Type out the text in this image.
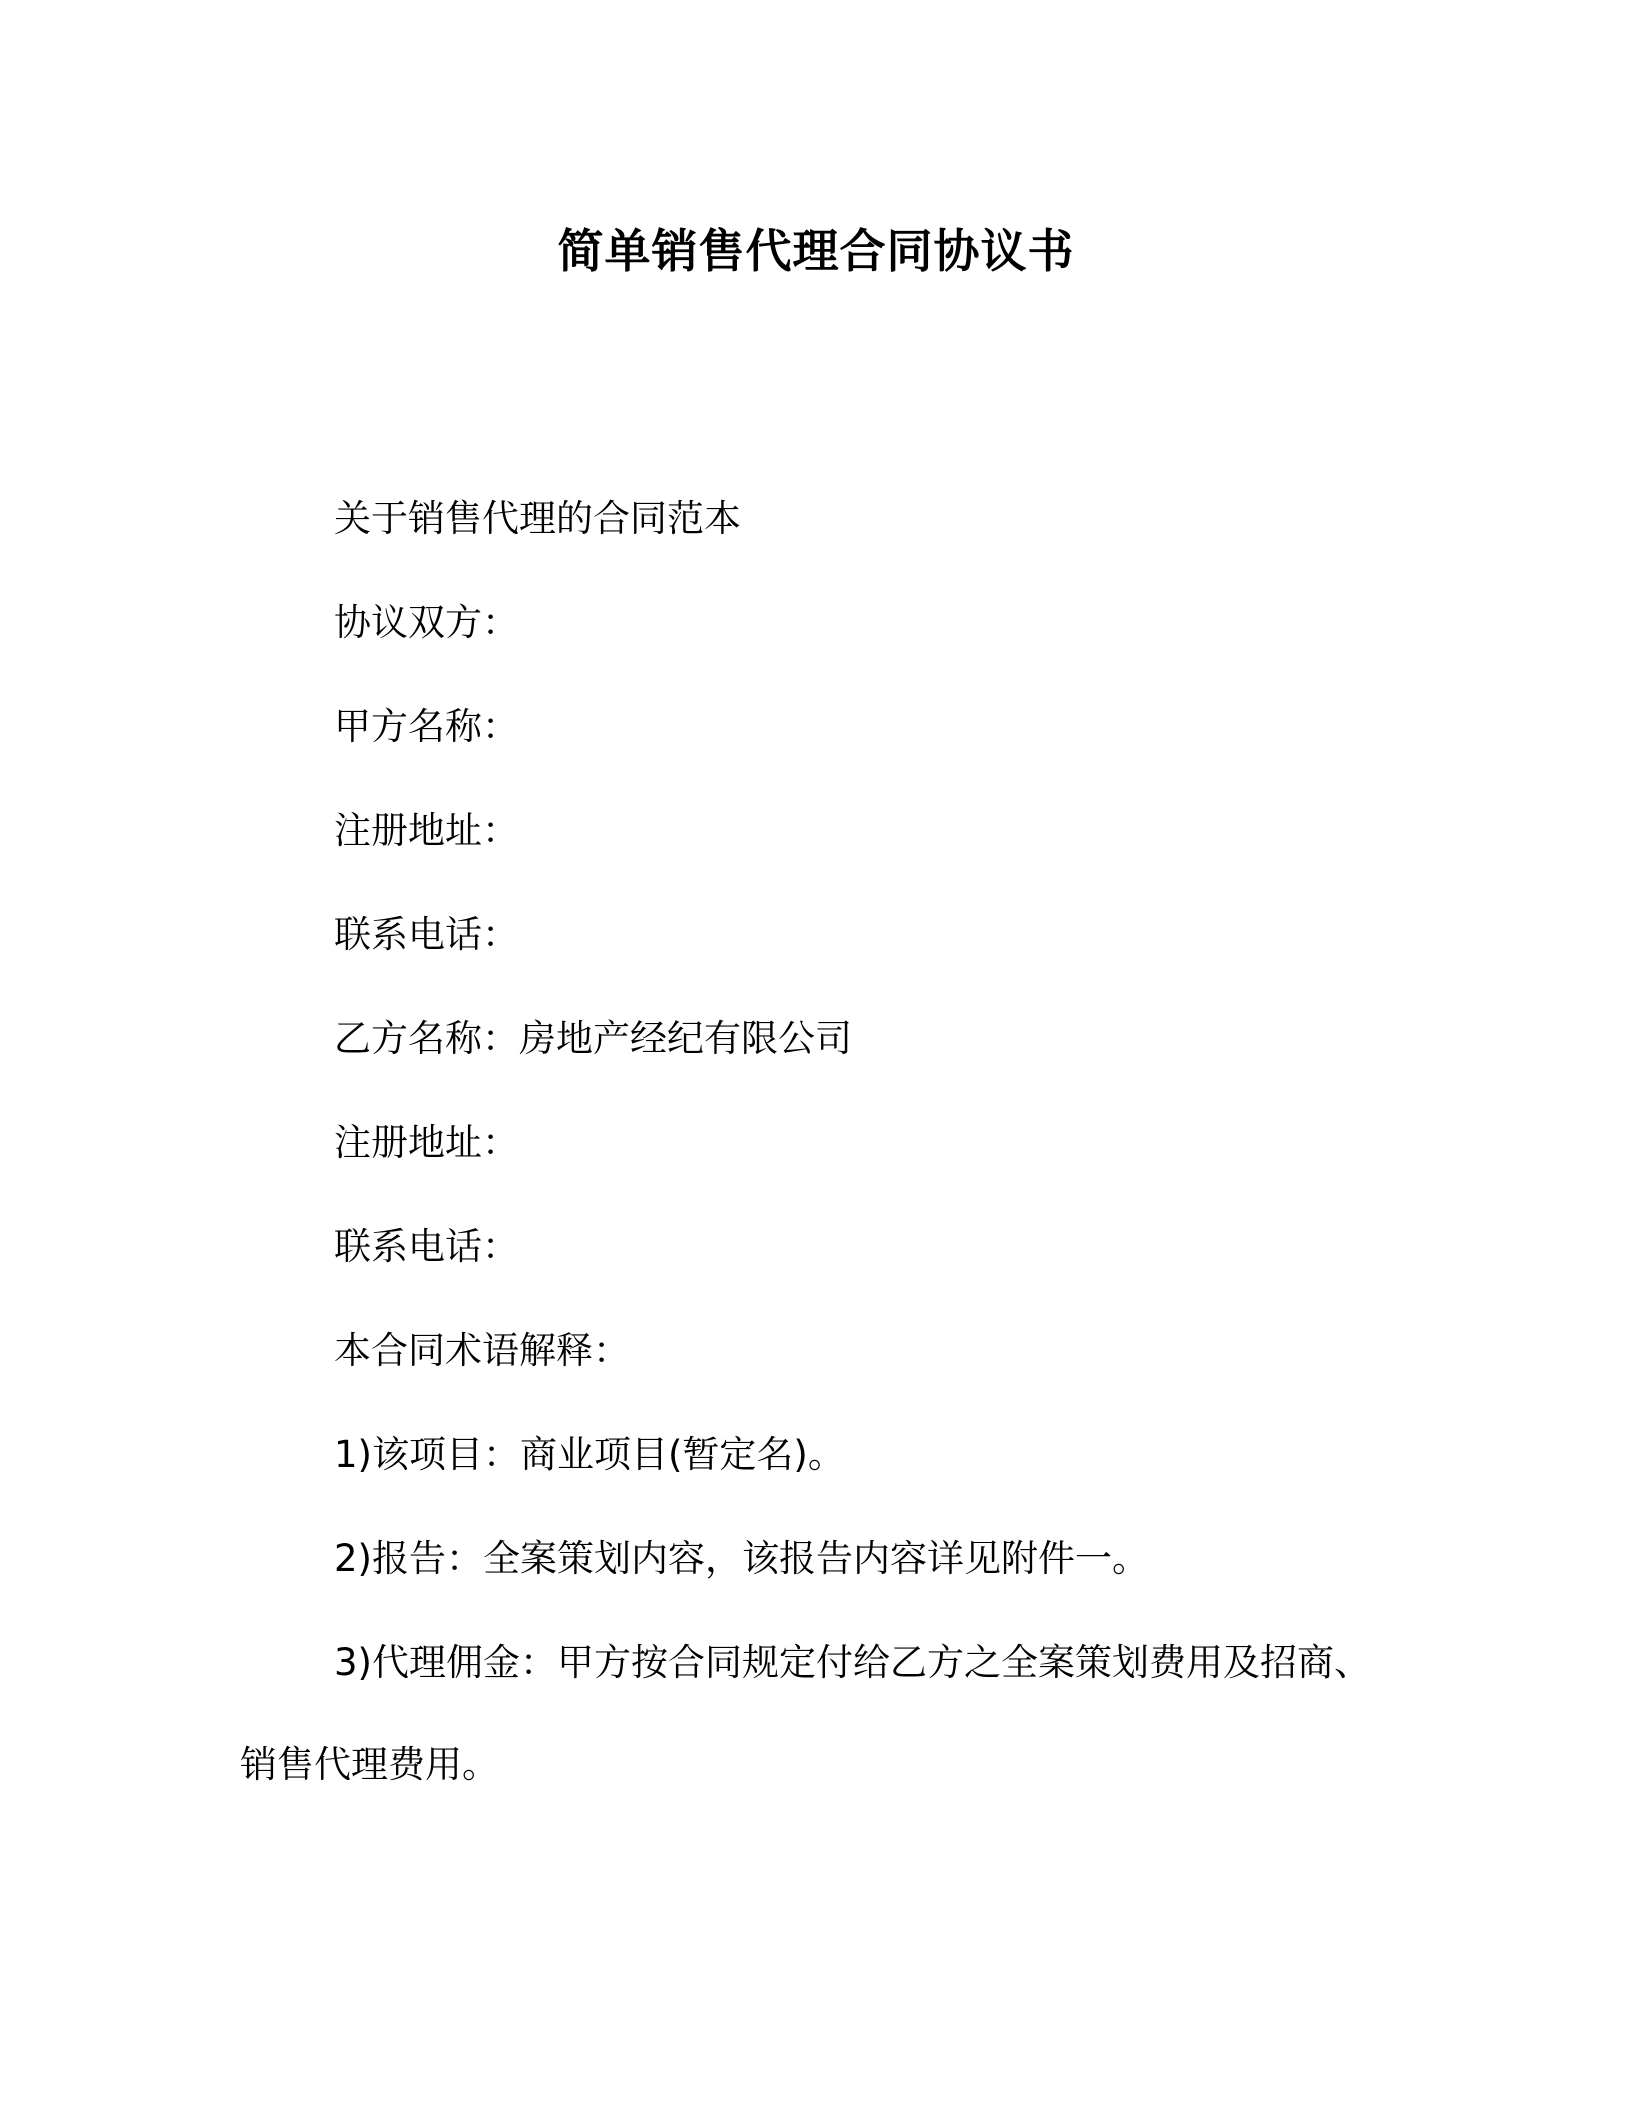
简单销售代理合同协议书
关于销售代理的合同范本
协议双方：
甲方名称：
注册地址：
联系电话：
乙方名称：房地产经纪有限公司
注册地址：
联系电话：
本合同术语解释：
1)该项目：商业项目(暂定名)。
2)报告：全案策划内容，该报告内容详见附件一。
3)代理佣金：甲方按合同规定付给乙方之全案策划费用及招商、
销售代理费用。
